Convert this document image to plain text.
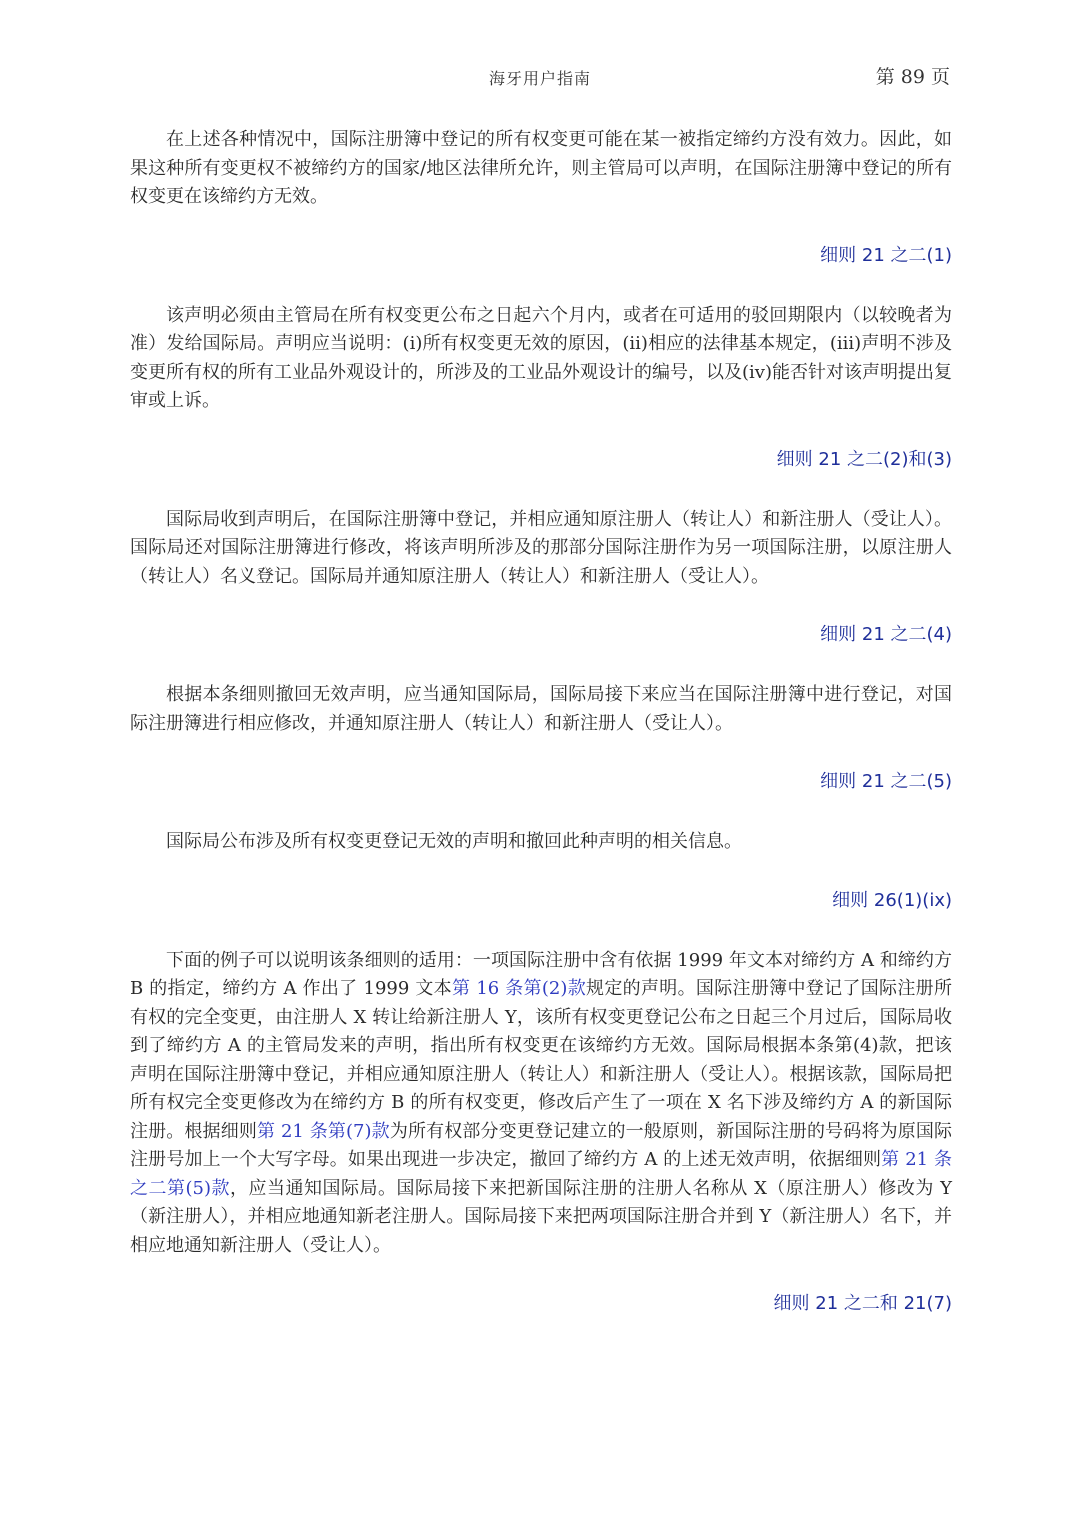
海牙用户指南	第 89 页

在上述各种情况中，国际注册簿中登记的所有权变更可能在某一被指定缔约方没有效力。因此，如果这种所有变更权不被缔约方的国家/地区法律所允许，则主管局可以声明，在国际注册簿中登记的所有权变更在该缔约方无效。

细则 21 之二(1)

该声明必须由主管局在所有权变更公布之日起六个月内，或者在可适用的驳回期限内（以较晚者为准）发给国际局。声明应当说明：(i)所有权变更无效的原因，(ii)相应的法律基本规定，(iii)声明不涉及变更所有权的所有工业品外观设计的，所涉及的工业品外观设计的编号，以及(iv)能否针对该声明提出复审或上诉。

细则 21 之二(2)和(3)

国际局收到声明后，在国际注册簿中登记，并相应通知原注册人（转让人）和新注册人（受让人）。国际局还对国际注册簿进行修改，将该声明所涉及的那部分国际注册作为另一项国际注册，以原注册人（转让人）名义登记。国际局并通知原注册人（转让人）和新注册人（受让人）。

细则 21 之二(4)

根据本条细则撤回无效声明，应当通知国际局，国际局接下来应当在国际注册簿中进行登记，对国际注册簿进行相应修改，并通知原注册人（转让人）和新注册人（受让人）。

细则 21 之二(5)

国际局公布涉及所有权变更登记无效的声明和撤回此种声明的相关信息。

细则 26(1)(ix)

下面的例子可以说明该条细则的适用：一项国际注册中含有依据 1999 年文本对缔约方 A 和缔约方 B 的指定，缔约方 A 作出了 1999 文本第 16 条第(2)款规定的声明。国际注册簿中登记了国际注册所有权的完全变更，由注册人 X 转让给新注册人 Y，该所有权变更登记公布之日起三个月过后，国际局收到了缔约方 A 的主管局发来的声明，指出所有权变更在该缔约方无效。国际局根据本条第(4)款，把该声明在国际注册簿中登记，并相应通知原注册人（转让人）和新注册人（受让人）。根据该款，国际局把所有权完全变更修改为在缔约方 B 的所有权变更，修改后产生了一项在 X 名下涉及缔约方 A 的新国际注册。根据细则第 21 条第(7)款为所有权部分变更登记建立的一般原则，新国际注册的号码将为原国际注册号加上一个大写字母。如果出现进一步决定，撤回了缔约方 A 的上述无效声明，依据细则第 21 条之二第(5)款，应当通知国际局。国际局接下来把新国际注册的注册人名称从 X（原注册人）修改为 Y（新注册人），并相应地通知新老注册人。国际局接下来把两项国际注册合并到 Y（新注册人）名下，并相应地通知新注册人（受让人）。

细则 21 之二和 21(7)
